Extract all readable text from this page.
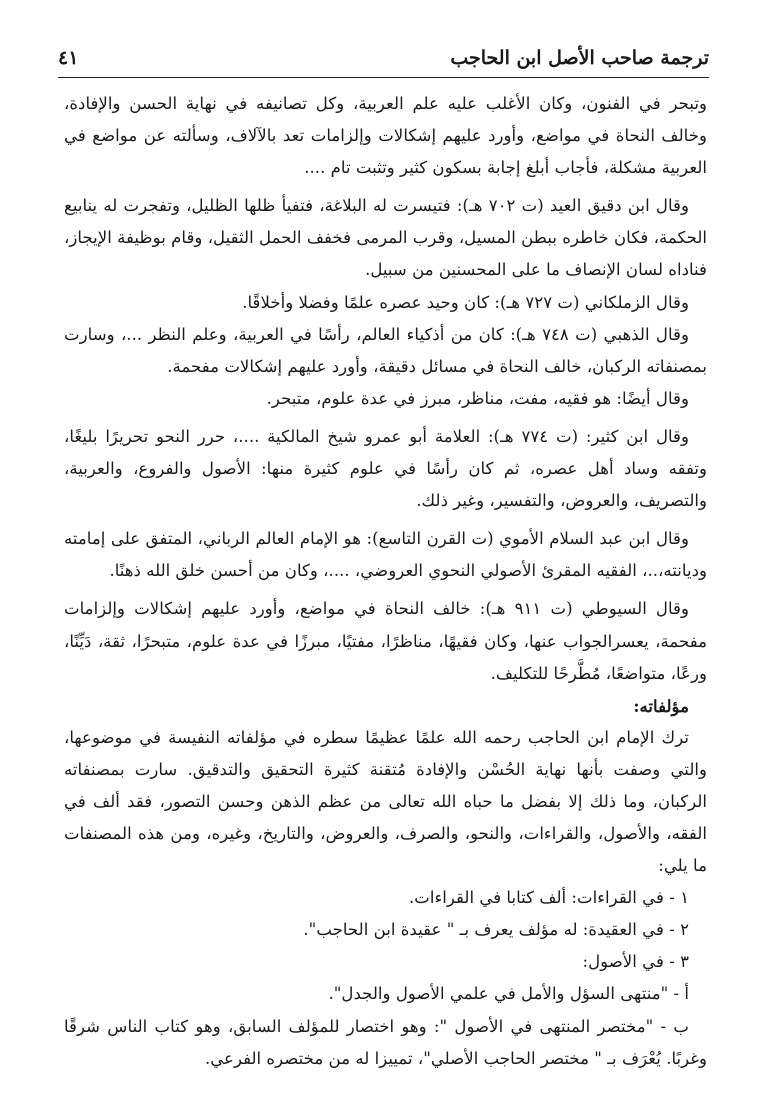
ترجمة صاحب الأصل ابن الحاجب
٤١

وتبحر في الفنون، وكان الأغلب عليه علم العربية، وكل تصانيفه في نهاية الحسن والإفادة، وخالف النحاة في مواضع، وأورد عليهم إشكالات وإلزامات تعد بالآلاف، وسألته عن مواضع في العربية مشكلة، فأجاب أبلغ إجابة بسكون كثير وتثبت تام ....

وقال ابن دقيق العيد (ت ٧٠٢ هـ): فتيسرت له البلاغة، فتفيأ ظلها الظليل، وتفجرت له ينابيع الحكمة، فكان خاطره ببطن المسيل، وقرب المرمى فخفف الحمل الثقيل، وقام بوظيفة الإيجاز، فناداه لسان الإنصاف ما على المحسنين من سبيل.

وقال الزملكاني (ت ٧٢٧ هـ): كان وحيد عصره علمًا وفضلا وأخلاقًا.

وقال الذهبي (ت ٧٤٨ هـ): كان من أذكياء العالم، رأسًا في العربية، وعلم النظر ...، وسارت بمصنفاته الركبان، خالف النحاة في مسائل دقيقة، وأورد عليهم إشكالات مفحمة.

وقال أيضًا: هو فقيه، مفت، مناظر، مبرز في عدة علوم، متبحر.

وقال ابن كثير: (ت ٧٧٤ هـ): العلامة أبو عمرو شيخ المالكية ....، حرر النحو تحريرًا بليغًا، وتفقه وساد أهل عصره، ثم كان رأسًا في علوم كثيرة منها: الأصول والفروع، والعربية، والتصريف، والعروض، والتفسير، وغير ذلك.

وقال ابن عبد السلام الأموي (ت القرن التاسع): هو الإمام العالم الرباني، المتفق على إمامته وديانته،..، الفقيه المقرئ الأصولي النحوي العروضي، ....، وكان من أحسن خلق الله ذهنًا.

وقال السيوطي (ت ٩١١ هـ): خالف النحاة في مواضع، وأورد عليهم إشكالات وإلزامات مفحمة، يعسرالجواب عنها، وكان فقيهًا، مناظرًا، مفتيًا، مبرزًا في عدة علوم، متبحرًا، ثقة، دَيِّنًا، ورعًا، متواضعًا، مُطَّرحًا للتكليف.

مؤلفاته:

ترك الإمام ابن الحاجب رحمه الله علمًا عظيمًا سطره في مؤلفاته النفيسة في موضوعها، والتي وصفت بأنها نهاية الحُسْن والإفادة مُتقنة كثيرة التحقيق والتدقيق. سارت بمصنفاته الركبان، وما ذلك إلا بفضل ما حباه الله تعالى من عظم الذهن وحسن التصور، فقد ألف في الفقه، والأصول، والقراءات، والنحو، والصرف، والعروض، والتاريخ، وغيره، ومن هذه المصنفات ما يلي:

١ - في القراءات: ألف كتابا في القراءات.

٢ - في العقيدة: له مؤلف يعرف بـ " عقيدة ابن الحاجب".

٣ - في الأصول:

أ - "منتهى السؤل والأمل في علمي الأصول والجدل".

ب - "مختصر المنتهى في الأصول ": وهو اختصار للمؤلف السابق، وهو كتاب الناس شرقًا وغربًا. يُعْرَف بـ " مختصر الحاجب الأصلي"، تمييزا له من مختصره الفرعي.
